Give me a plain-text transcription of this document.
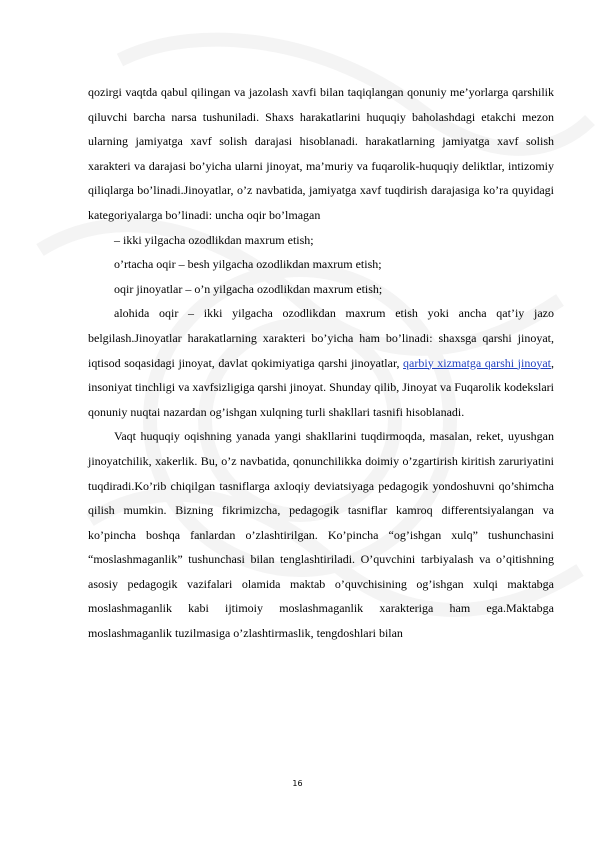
qozirgi vaqtda qabul qilingan va jazolash xavfi bilan taqiqlangan qonuniy me’yorlarga qarshilik qiluvchi barcha narsa tushuniladi. Shaxs harakatlarini huquqiy baholashdagi etakchi mezon ularning jamiyatga xavf solish darajasi hisoblanadi. harakatlarning jamiyatga xavf solish xarakteri va darajasi bo’yicha ularni jinoyat, ma’muriy va fuqarolik-huquqiy deliktlar, intizomiy qiliqlarga bo’linadi.Jinoyatlar, o’z navbatida, jamiyatga xavf tuqdirish darajasiga ko’ra quyidagi kategoriyalarga bo’linadi: uncha oqir bo’lmagan

– ikki yilgacha ozodlikdan maxrum etish;

o’rtacha oqir – besh yilgacha ozodlikdan maxrum etish;

oqir jinoyatlar – o’n yilgacha ozodlikdan maxrum etish;

alohida oqir – ikki yilgacha ozodlikdan maxrum etish yoki ancha qat’iy jazo belgilash.Jinoyatlar harakatlarning xarakteri bo’yicha ham bo’linadi: shaxsga qarshi jinoyat, iqtisod soqasidagi jinoyat, davlat qokimiyatiga qarshi jinoyatlar, qarbiy xizmatga qarshi jinoyat, insoniyat tinchligi va xavfsizligiga qarshi jinoyat. Shunday qilib, Jinoyat va Fuqarolik kodekslari qonuniy nuqtai nazardan og’ishgan xulqning turli shakllari tasnifi hisoblanadi.

Vaqt huquqiy oqishning yanada yangi shakllarini tuqdirmoqda, masalan, reket, uyushgan jinoyatchilik, xakerlik. Bu, o’z navbatida, qonunchilikka doimiy o’zgartirish kiritish zaruriyatini tuqdiradi.Ko’rib chiqilgan tasniflarga axloqiy deviatsiyaga pedagogik yondoshuvni qo’shimcha qilish mumkin. Bizning fikrimizcha, pedagogik tasniflar kamroq differentsiyalangan va ko’pincha boshqa fanlardan o’zlashtirilgan. Ko’pincha “og’ishgan xulq” tushunchasini “moslashmaganlik” tushunchasi bilan tenglashtiriladi. O’quvchini tarbiyalash va o’qitishning asosiy pedagogik vazifalari olamida maktab o’quvchisining og’ishgan xulqi maktabga moslashmaganlik kabi ijtimoiy moslashmaganlik xarakteriga ham ega.Maktabga moslashmaganlik tuzilmasiga o’zlashtirmaslik, tengdoshlari bilan

16
